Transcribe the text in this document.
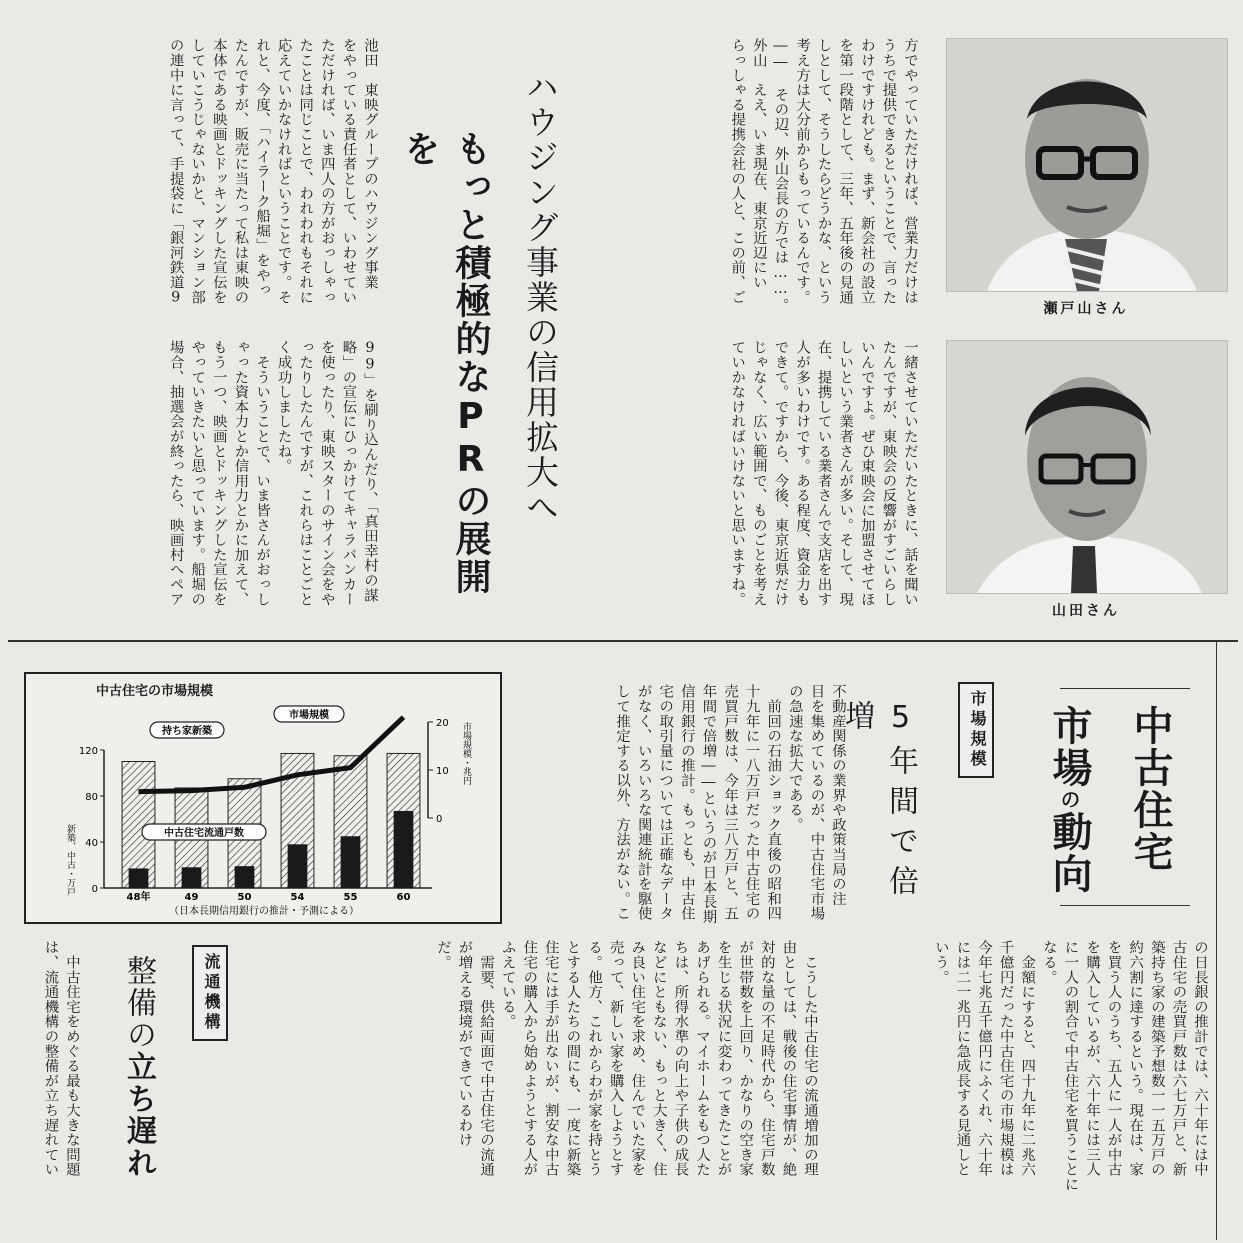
瀬戸山さん
山田さん
方でやっていただければ、営業力だけは
うちで提供できるということで、言った
わけですけれども。まず、新会社の設立
を第一段階として、三年、五年後の見通
しとして、そうしたらどうかな、という
考え方は大分前からもっているんです。
―― その辺、外山会長の方では……。
外山　ええ、いま現在、東京近辺にい
らっしゃる提携会社の人と、この前、ご
一緒させていただいたときに、話を聞い
たんですが、東映会の反響がすごいらし
いんですよ。ぜひ東映会に加盟させてほ
しいという業者さんが多い。そして、現
在、提携している業者さんで支店を出す
人が多いわけです。ある程度、資金力も
できて。ですから、今後、東京近県だけ
じゃなく、広い範囲で、ものごとを考え
ていかなければいけないと思いますね。
ハウジング事業の信用拡大へ
もっと積極的なPRの展開を
池田　東映グループのハウジング事業
をやっている責任者として、いわせてい
ただければ、いま四人の方がおっしゃっ
たことは同じことで、われわれもそれに
応えていかなければということです。そ
れと、今度、「ハイラーク船堀」をやっ
たんですが、販売に当たって私は東映の
本体である映画とドッキングした宣伝を
していこうじゃないかと、マンション部
の連中に言って、手提袋に「銀河鉄道9
99」を刷り込んだり、「真田幸村の謀
略」の宣伝にひっかけてキャラバンカー
を使ったり、東映スターのサイン会をや
ったりしたんですが、これらはことごと
く成功しましたね。
　そういうことで、いま皆さんがおっし
ゃった資本力とか信用力とかに加えて、
もう一つ、映画とドッキングした宣伝を
やっていきたいと思っています。船堀の
場合、抽選会が終ったら、映画村へペア
中古住宅
市場の動向
市場規模
5年間で倍増
不動産関係の業界や政策当局の注
目を集めているのが、中古住宅市場
の急速な拡大である。
　前回の石油ショック直後の昭和四
十九年に一八万戸だった中古住宅の
売買戸数は、今年は三八万戸と、五
年間で倍増――というのが日本長期
信用銀行の推計。もっとも、中古住
宅の取引量については正確なデータ
がなく、いろいろな関連統計を駆使
して推定する以外、方法がない。こ
中古住宅の市場規模
120
80
40
0
20
10
0
新築、中古・万戸
市場規模・兆円
48年	49	50	54	55	60
持ち家新築
中古住宅流通戸数
市場規模
（日本長期信用銀行の推計・予測による）
の日長銀の推計では、六十年には中
古住宅の売買戸数は六七万戸と、新
築持ち家の建築予想数一一五万戸の
約六割に達するという。現在は、家
を買う人のうち、五人に一人が中古
を購入しているが、六十年には三人
に一人の割合で中古住宅を買うことに
なる。
　金額にすると、四十九年に二兆六
千億円だった中古住宅の市場規模は
今年七兆五千億円にふくれ、六十年
には二一兆円に急成長する見通しと
いう。
　こうした中古住宅の流通増加の理
由としては、戦後の住宅事情が、絶
対的な量の不足時代から、住宅戸数
が世帯数を上回り、かなりの空き家
を生じる状況に変わってきたことが
あげられる。マイホームをもつ人た
ちは、所得水準の向上や子供の成長
などにともない、もっと大きく、住
み良い住宅を求め、住んでいた家を
売って、新しい家を購入しようとす
る。他方、これからわが家を持とう
とする人たちの間にも、一度に新築
住宅には手が出ないが、割安な中古
住宅の購入から始めようとする人が
ふえている。
　需要、供給両面で中古住宅の流通
が増える環境ができているわけ
だ。
流通機構
整備の立ち遅れ
　中古住宅をめぐる最も大きな問題
は、流通機構の整備が立ち遅れてい
